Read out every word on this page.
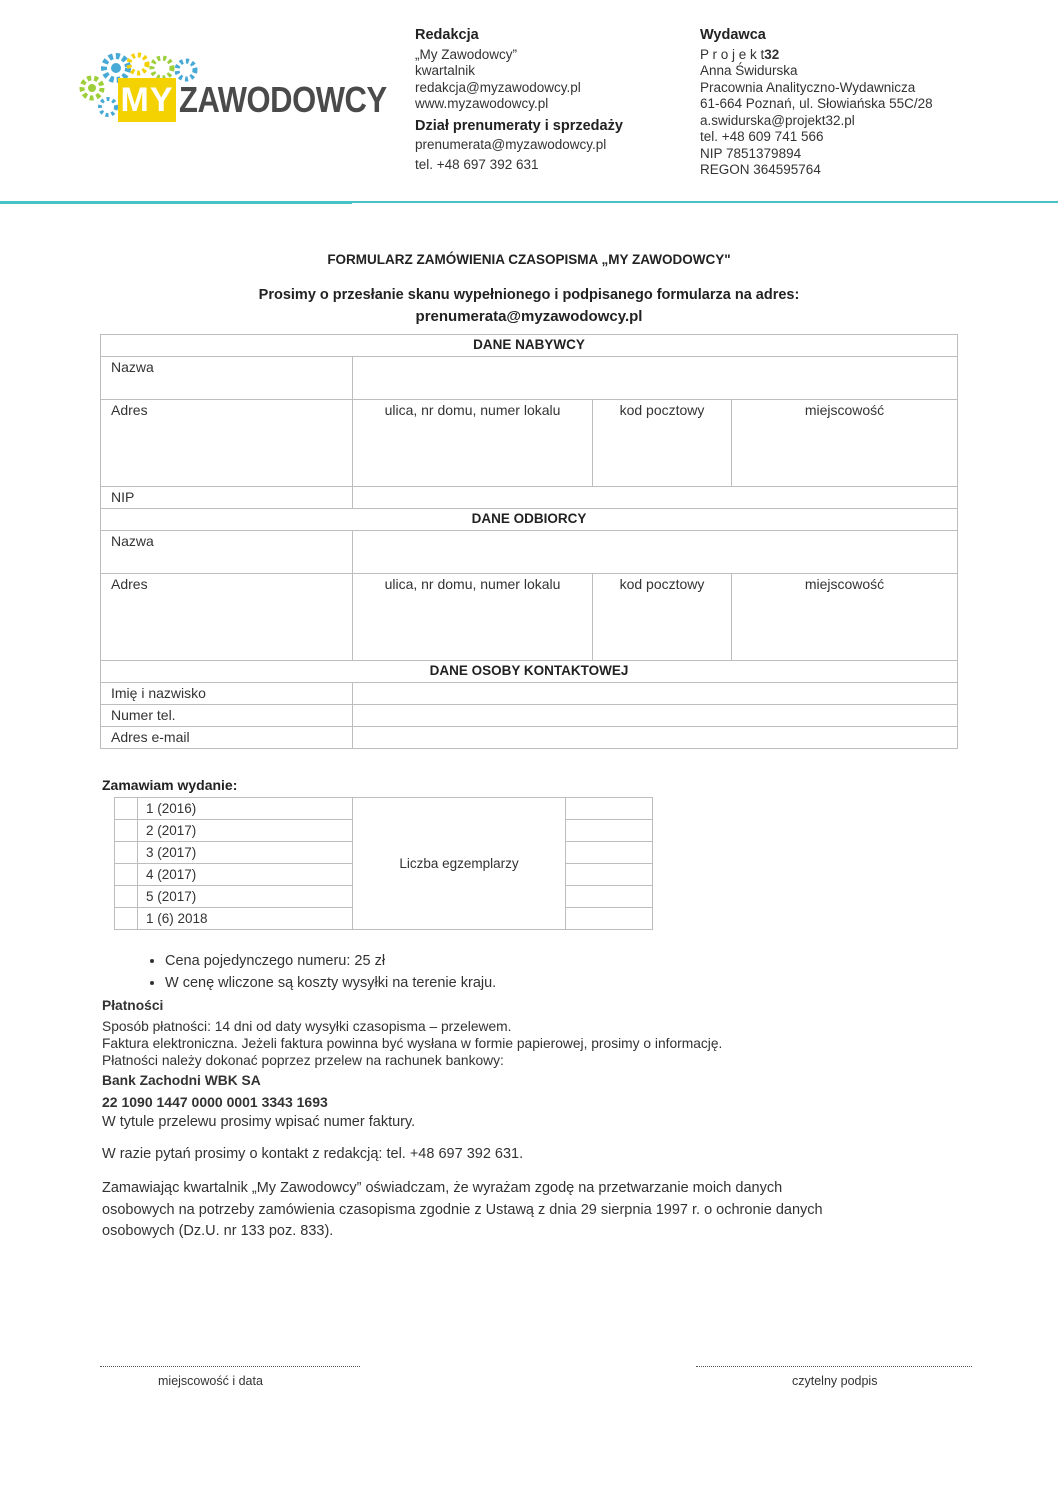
MY ZAWODOWCY
Redakcja
„My Zawodowcy”
kwartalnik
redakcja@myzawodowcy.pl
www.myzawodowcy.pl
Dział prenumeraty i sprzedaży
prenumerata@myzawodowcy.pl
tel. +48 697 392 631
Wydawca
P r o j e k t32
Anna Świdurska
Pracownia Analityczno-Wydawnicza
61-664 Poznań, ul. Słowiańska 55C/28
a.swidurska@projekt32.pl
tel. +48 609 741 566
NIP 7851379894
REGON 364595764
FORMULARZ ZAMÓWIENIA CZASOPISMA „MY ZAWODOWCY"
Prosimy o przesłanie skanu wypełnionego i podpisanego formularza na adres:
prenumerata@myzawodowcy.pl
DANE NABYWCY			
Nazwa			
Adres	ulica, nr domu, numer lokalu	kod pocztowy	miejscowość
NIP			
DANE ODBIORCY			
Nazwa			
Adres	ulica, nr domu, numer lokalu	kod pocztowy	miejscowość
DANE OSOBY KONTAKTOWEJ			
Imię i nazwisko			
Numer tel.			
Adres e-mail			
Zamawiam wydanie:
	1 (2016)	Liczba egzemplarzy	
	2 (2017)		
	3 (2017)		
	4 (2017)		
	5 (2017)		
	1 (6) 2018		
• Cena pojedynczego numeru: 25 zł
• W cenę wliczone są koszty wysyłki na terenie kraju.
Płatności
Sposób płatności: 14 dni od daty wysyłki czasopisma – przelewem.
Faktura elektroniczna. Jeżeli faktura powinna być wysłana w formie papierowej, prosimy o informację.
Płatności należy dokonać poprzez przelew na rachunek bankowy:
Bank Zachodni WBK SA
22 1090 1447 0000 0001 3343 1693
W tytule przelewu prosimy wpisać numer faktury.
W razie pytań prosimy o kontakt z redakcją: tel. +48 697 392 631.
Zamawiając kwartalnik „My Zawodowcy” oświadczam, że wyrażam zgodę na przetwarzanie moich danych
osobowych na potrzeby zamówienia czasopisma zgodnie z Ustawą z dnia 29 sierpnia 1997 r. o ochronie danych
osobowych (Dz.U. nr 133 poz. 833).
miejscowość i data	czytelny podpis
